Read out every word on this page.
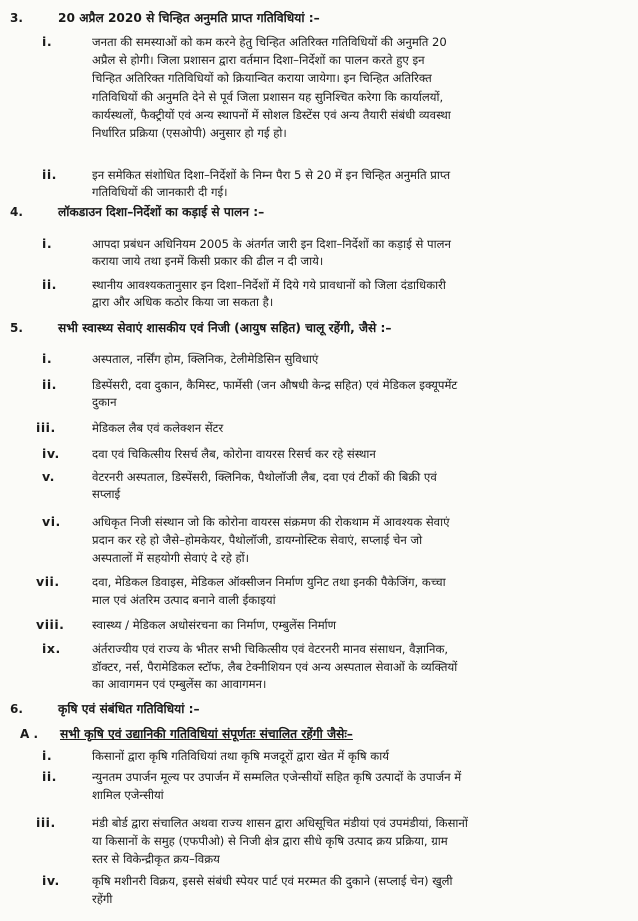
3.	20 अप्रैल 2020 से चिन्हित अनुमति प्राप्त गतिविधियां :–
i.	जनता की समस्याओं को कम करने हेतु चिन्हित अतिरिक्त गतिविधियों की अनुमति 20
अप्रैल से होगी। जिला प्रशासन द्वारा वर्तमान दिशा–निर्देशों का पालन करते हुए इन
चिन्हित अतिरिक्त गतिविधियों को क्रियान्वित कराया जायेगा। इन चिन्हित अतिरिक्त
गतिविधियों की अनुमति देने से पूर्व जिला प्रशासन यह सुनिश्चित करेगा कि कार्यालयों,
कार्यस्थलों, फैक्ट्रीयों एवं अन्य स्थापनों में सोशल डिस्टेंस एवं अन्य तैयारी संबंधी व्यवस्था
निर्धारित प्रक्रिया (एसओपी) अनुसार हो गई हो।
ii.	इन समेकित संशोधित दिशा–निर्देशों के निम्न पैरा 5 से 20 में इन चिन्हित अनुमति प्राप्त
गतिविधियों की जानकारी दी गई।
4.	लॉकडाउन दिशा–निर्देशों का कड़ाई से पालन :–
i.	आपदा प्रबंधन अधिनियम 2005 के अंतर्गत जारी इन दिशा–निर्देशों का कड़ाई से पालन
कराया जाये तथा इनमें किसी प्रकार की ढील न दी जाये।
ii.	स्थानीय आवश्यकतानुसार इन दिशा–निर्देशों में दिये गये प्रावधानों को जिला दंडाधिकारी
द्वारा और अधिक कठोर किया जा सकता है।
5.	सभी स्वास्थ्य सेवाएं शासकीय एवं निजी (आयुष सहित) चालू रहेंगी, जैसे :–
i.	अस्पताल, नर्सिंग होम, क्लिनिक, टेलीमेडिसिन सुविधाएं
ii.	डिस्पेंसरी, दवा दुकान, कैमिस्ट, फार्मेसी (जन औषधी केन्द्र सहित) एवं मेडिकल इक्यूपमेंट
दुकान
iii.	मेडिकल लैब एवं कलेक्शन सेंटर
iv.	दवा एवं चिकित्सीय रिसर्च लैब, कोरोना वायरस रिसर्च कर रहे संस्थान
v.	वेटरनरी अस्पताल, डिस्पेंसरी, क्लिनिक, पैथोलॉजी लैब, दवा एवं टीकों की बिक्री एवं
सप्लाई
vi.	अधिकृत निजी संस्थान जो कि कोरोना वायरस संक्रमण की रोकथाम में आवश्यक सेवाएं
प्रदान कर रहे हो जैसे–होमकेयर, पैथोलॉजी, डायग्नोस्टिक सेवाएं, सप्लाई चेन जो
अस्पतालों में सहयोगी सेवाएं दे रहे हों।
vii.	दवा, मेडिकल डिवाइस, मेडिकल ऑक्सीजन निर्माण युनिट तथा इनकी पैकेजिंग, कच्चा
माल एवं अंतरिम उत्पाद बनाने वाली ईकाइयां
viii. स्वास्थ्य / मेडिकल अधोसंरचना का निर्माण, एम्बुलेंस निर्माण
ix.	अंर्तराज्यीय एवं राज्य के भीतर सभी चिकित्सीय एवं वेटरनरी मानव संसाधन, वैज्ञानिक,
डॉक्टर, नर्स, पैरामेडिकल स्टॉफ, लैब टेक्नीशियन एवं अन्य अस्पताल सेवाओं के व्यक्तियों
का आवागमन एवं एम्बुलेंस का आवागमन।
6.	कृषि एवं संबंधित गतिविधियां :–
A . सभी कृषि एवं उद्यानिकी गतिविधियां संपूर्णतः संचालित रहेंगी जैसेः–
i.	किसानों द्वारा कृषि गतिविधियां तथा कृषि मजदूरों द्वारा खेत में कृषि कार्य
ii.	न्युनतम उपार्जन मूल्य पर उपार्जन में सम्मलित एजेन्सीयों सहित कृषि उत्पादों के उपार्जन में
शामिल एजेन्सीयां
iii.	मंडी बोर्ड द्वारा संचालित अथवा राज्य शासन द्वारा अधिसूचित मंडीयां एवं उपमंडीयां, किसानों
या किसानों के समुह (एफपीओ) से निजी क्षेत्र द्वारा सीधे कृषि उत्पाद क्रय प्रक्रिया, ग्राम
स्तर से विकेन्द्रीकृत क्रय–विक्रय
iv.	कृषि मशीनरी विक्रय, इससे संबंधी स्पेयर पार्ट एवं मरम्मत की दुकाने (सप्लाई चेन) खुली
रहेंगी
